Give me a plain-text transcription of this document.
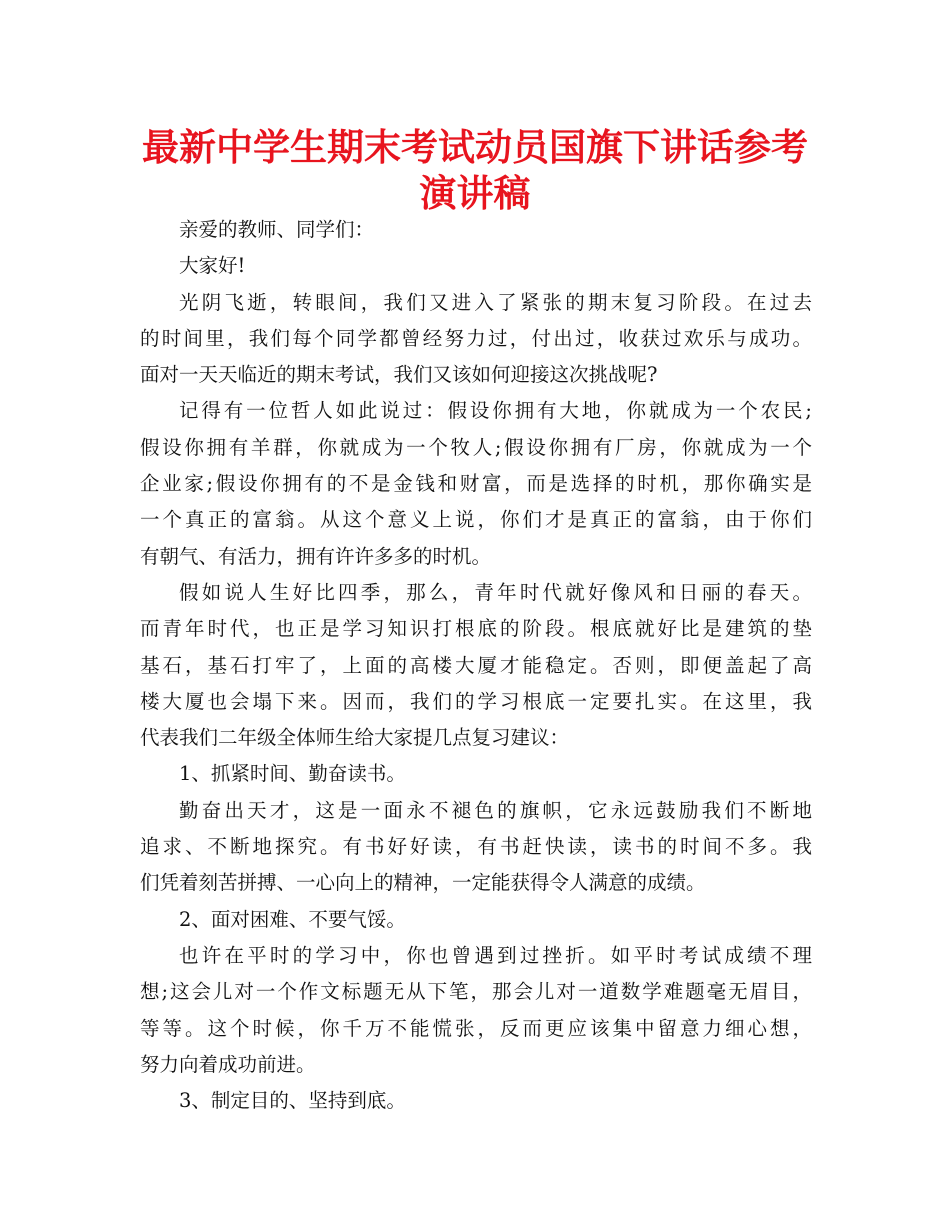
最新中学生期末考试动员国旗下讲话参考
演讲稿
亲爱的教师、同学们：
大家好!
光阴飞逝，转眼间，我们又进入了紧张的期末复习阶段。在过去
的时间里，我们每个同学都曾经努力过，付出过，收获过欢乐与成功。
面对一天天临近的期末考试，我们又该如何迎接这次挑战呢?
记得有一位哲人如此说过：假设你拥有大地，你就成为一个农民;
假设你拥有羊群，你就成为一个牧人;假设你拥有厂房，你就成为一个
企业家;假设你拥有的不是金钱和财富，而是选择的时机，那你确实是
一个真正的富翁。从这个意义上说，你们才是真正的富翁，由于你们
有朝气、有活力，拥有许许多多的时机。
假如说人生好比四季，那么，青年时代就好像风和日丽的春天。
而青年时代，也正是学习知识打根底的阶段。根底就好比是建筑的垫
基石，基石打牢了，上面的高楼大厦才能稳定。否则，即便盖起了高
楼大厦也会塌下来。因而，我们的学习根底一定要扎实。在这里，我
代表我们二年级全体师生给大家提几点复习建议：
1、抓紧时间、勤奋读书。
勤奋出天才，这是一面永不褪色的旗帜，它永远鼓励我们不断地
追求、不断地探究。有书好好读，有书赶快读，读书的时间不多。我
们凭着刻苦拼搏、一心向上的精神，一定能获得令人满意的成绩。
2、面对困难、不要气馁。
也许在平时的学习中，你也曾遇到过挫折。如平时考试成绩不理
想;这会儿对一个作文标题无从下笔，那会儿对一道数学难题毫无眉目，
等等。这个时候，你千万不能慌张，反而更应该集中留意力细心想，
努力向着成功前进。
3、制定目的、坚持到底。
